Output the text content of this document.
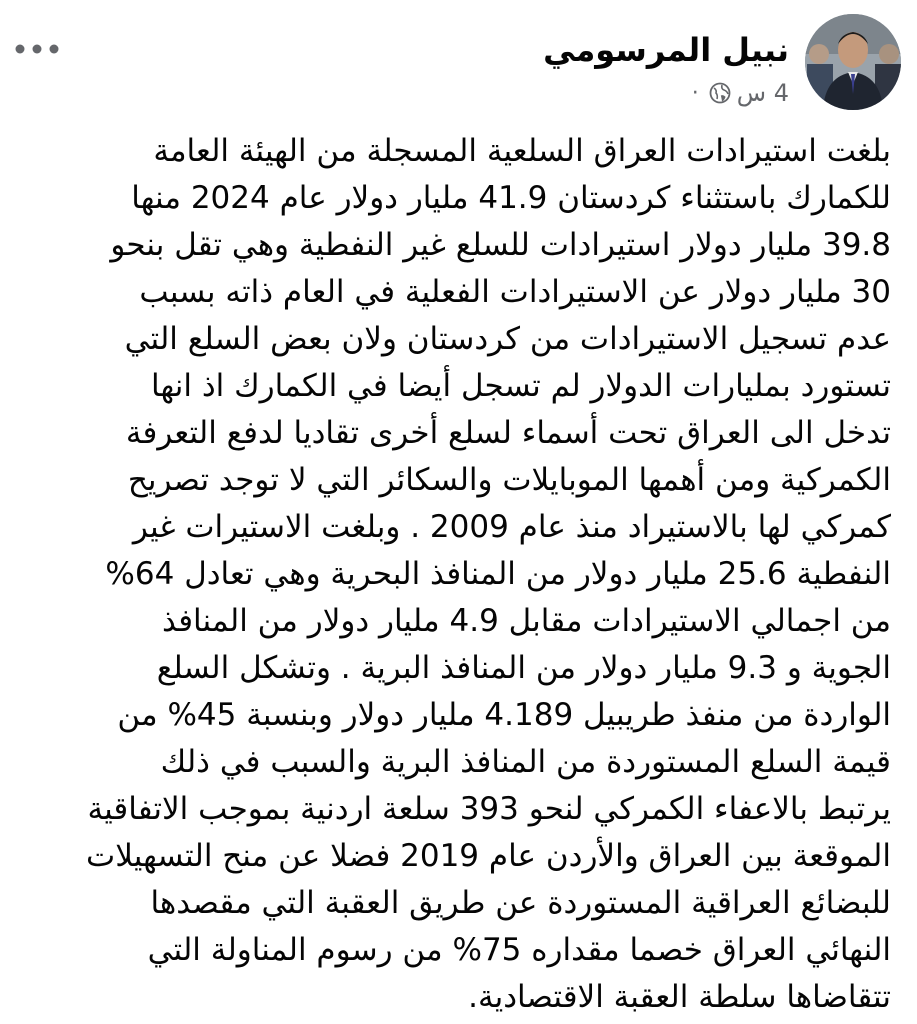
نبيل المرسومي
· 4 س

بلغت استيرادات العراق السلعية المسجلة من الهيئة العامة
للكمارك باستثناء كردستان 41.9 مليار دولار عام 2024 منها
39.8 مليار دولار استيرادات للسلع غير النفطية وهي تقل بنحو
30 مليار دولار عن الاستيرادات الفعلية في العام ذاته بسبب
عدم تسجيل الاستيرادات من كردستان ولان بعض السلع التي
تستورد بمليارات الدولار لم تسجل أيضا في الكمارك اذ انها
تدخل الى العراق تحت أسماء لسلع أخرى تقاديا لدفع التعرفة
الكمركية ومن أهمها الموبايلات والسكائر التي لا توجد تصريح
كمركي لها بالاستيراد منذ عام 2009 . وبلغت الاستيرات غير
النفطية 25.6 مليار دولار من المنافذ البحرية وهي تعادل 64%
من اجمالي الاستيرادات مقابل 4.9 مليار دولار من المنافذ
الجوية و 9.3 مليار دولار من المنافذ البرية . وتشكل السلع
الواردة من منفذ طريبيل 4.189 مليار دولار وبنسبة 45% من
قيمة السلع المستوردة من المنافذ البرية والسبب في ذلك
يرتبط بالاعفاء الكمركي لنحو 393 سلعة اردنية بموجب الاتفاقية
الموقعة بين العراق والأردن عام 2019 فضلا عن منح التسهيلات
للبضائع العراقية المستوردة عن طريق العقبة التي مقصدها
النهائي العراق خصما مقداره 75% من رسوم المناولة التي
تتقاضاها سلطة العقبة الاقتصادية.
